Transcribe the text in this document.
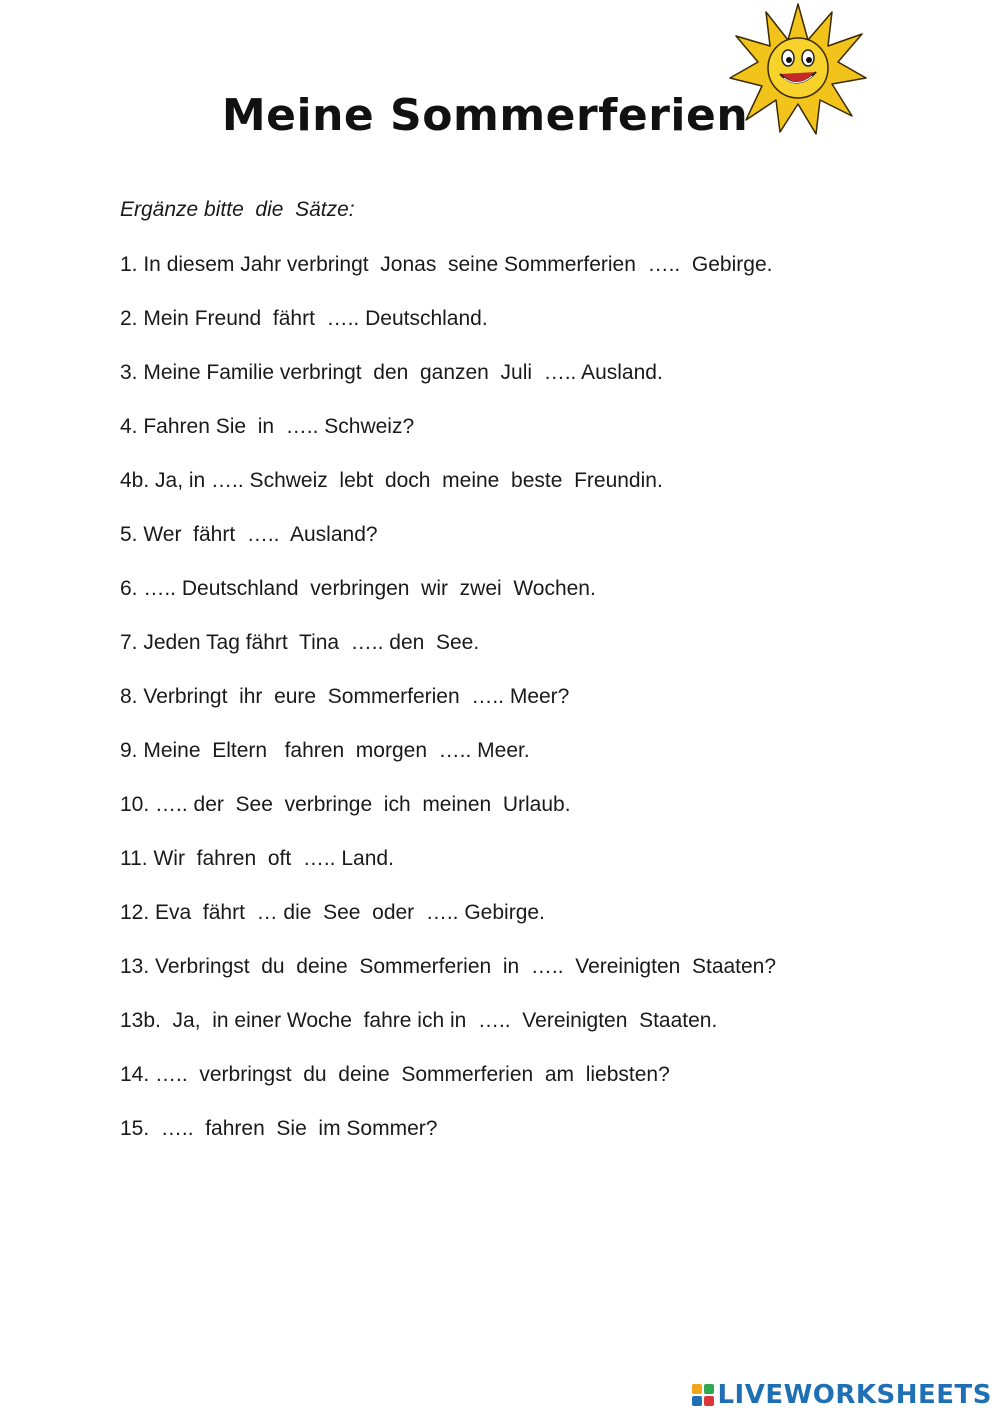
Meine Sommerferien

Ergänze bitte  die  Sätze:

1. In diesem Jahr verbringt  Jonas  seine Sommerferien  …..  Gebirge.
2. Mein Freund  fährt  ….. Deutschland.
3. Meine Familie verbringt  den  ganzen  Juli  ….. Ausland.
4. Fahren Sie  in  ….. Schweiz?
4b. Ja, in ….. Schweiz  lebt  doch  meine  beste  Freundin.
5. Wer  fährt  …..  Ausland?
6. ….. Deutschland  verbringen  wir  zwei  Wochen.
7. Jeden Tag fährt  Tina  ….. den  See.
8. Verbringt  ihr  eure  Sommerferien  ….. Meer?
9. Meine  Eltern   fahren  morgen  ….. Meer.
10. ….. der  See  verbringe  ich  meinen  Urlaub.
11. Wir  fahren  oft  ….. Land.
12. Eva  fährt  … die  See  oder  ….. Gebirge.
13. Verbringst  du  deine  Sommerferien  in  …..  Vereinigten  Staaten?
13b.  Ja,  in einer Woche  fahre ich in  …..  Vereinigten  Staaten.
14. …..  verbringst  du  deine  Sommerferien  am  liebsten?
15.  …..  fahren  Sie  im Sommer?
LIVEWORKSHEETS
